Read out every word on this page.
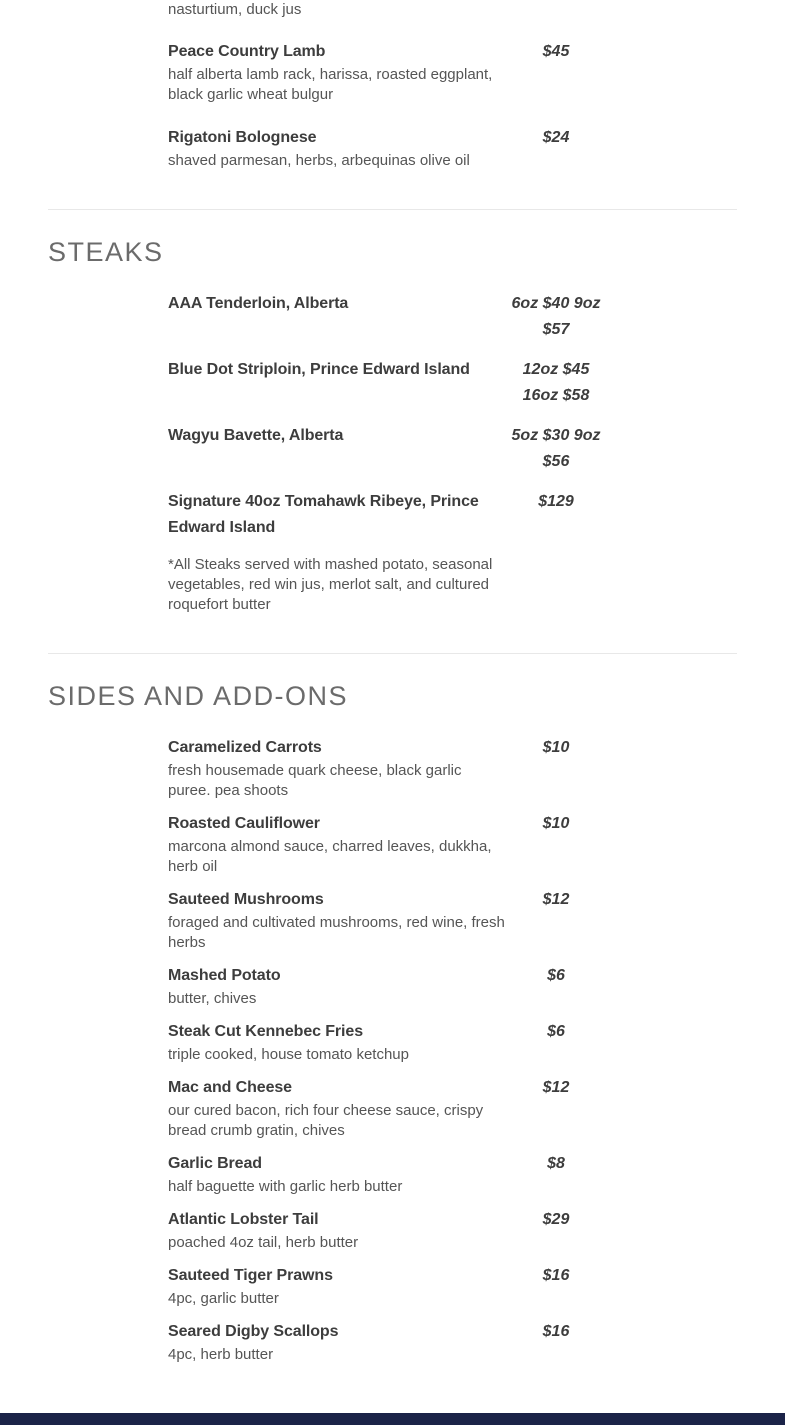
nasturtium, duck jus
Peace Country Lamb
half alberta lamb rack, harissa, roasted eggplant, black garlic wheat bulgur
$45
Rigatoni Bolognese
shaved parmesan, herbs, arbequinas olive oil
$24
STEAKS
AAA Tenderloin, Alberta	6oz $40 9oz $57
Blue Dot Striploin, Prince Edward Island	12oz $45 16oz $58
Wagyu Bavette, Alberta	5oz $30 9oz $56
Signature 40oz Tomahawk Ribeye, Prince Edward Island
$129

*All Steaks served with mashed potato, seasonal vegetables, red win jus, merlot salt, and cultured roquefort butter

SIDES AND ADD-ONS
Caramelized Carrots
fresh housemade quark cheese, black garlic puree. pea shoots
$10
Roasted Cauliflower
marcona almond sauce, charred leaves, dukkha, herb oil
$10
Sauteed Mushrooms
foraged and cultivated mushrooms, red wine, fresh herbs
$12
Mashed Potato
butter, chives
$6
Steak Cut Kennebec Fries
triple cooked, house tomato ketchup
$6
Mac and Cheese
our cured bacon, rich four cheese sauce, crispy bread crumb gratin, chives
$12
Garlic Bread
half baguette with garlic herb butter
$8
Atlantic Lobster Tail
poached 4oz tail, herb butter
$29
Sauteed Tiger Prawns
4pc, garlic butter
$16
Seared Digby Scallops
4pc, herb butter
$16
